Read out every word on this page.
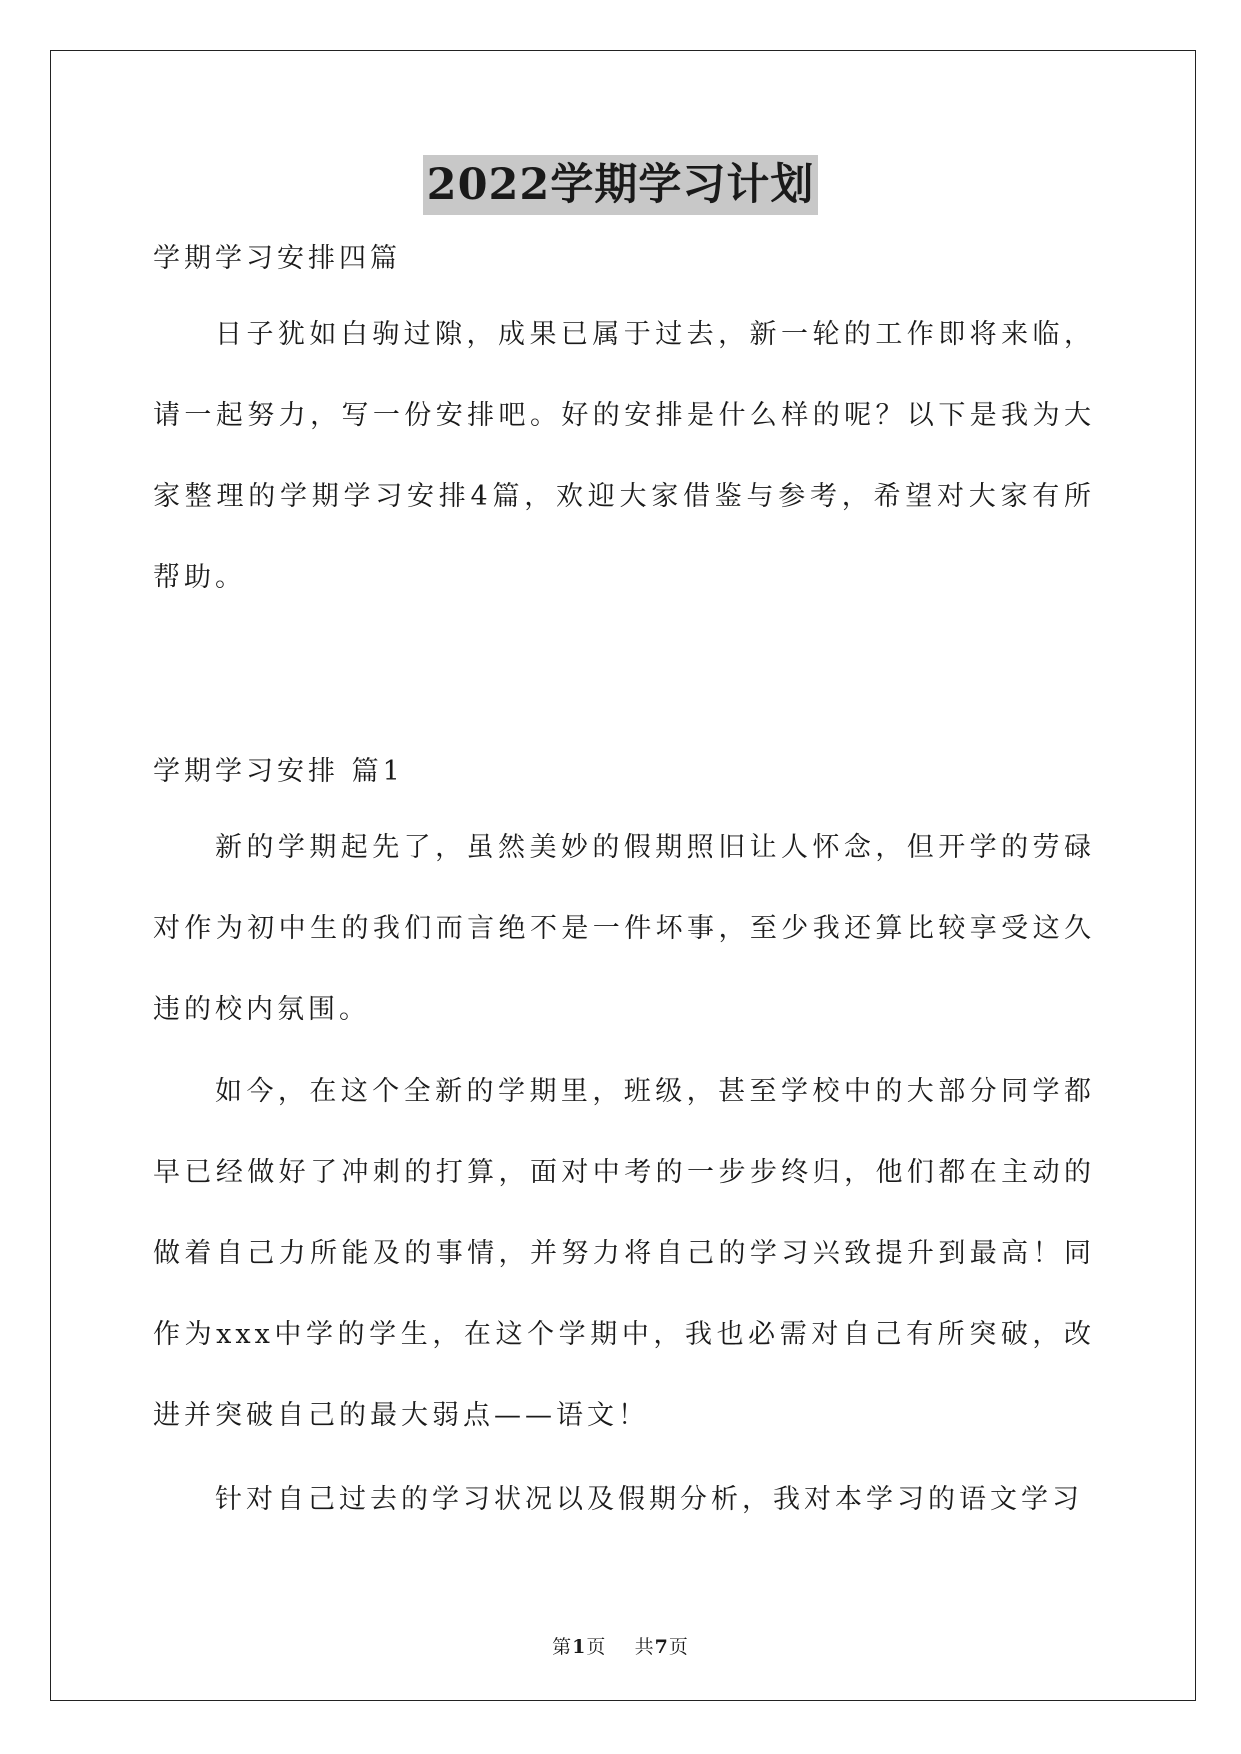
2022学期学习计划

学期学习安排四篇

日子犹如白驹过隙，成果已属于过去，新一轮的工作即将来临，请一起努力，写一份安排吧。好的安排是什么样的呢？以下是我为大家整理的学期学习安排4篇，欢迎大家借鉴与参考，希望对大家有所帮助。

学期学习安排 篇1

新的学期起先了，虽然美妙的假期照旧让人怀念，但开学的劳碌对作为初中生的我们而言绝不是一件坏事，至少我还算比较享受这久违的校内氛围。

如今，在这个全新的学期里，班级，甚至学校中的大部分同学都早已经做好了冲刺的打算，面对中考的一步步终归，他们都在主动的做着自己力所能及的事情，并努力将自己的学习兴致提升到最高！同作为xxx中学的学生，在这个学期中，我也必需对自己有所突破，改进并突破自己的最大弱点——语文！

针对自己过去的学习状况以及假期分析，我对本学习的语文学习

第1页 共7页
